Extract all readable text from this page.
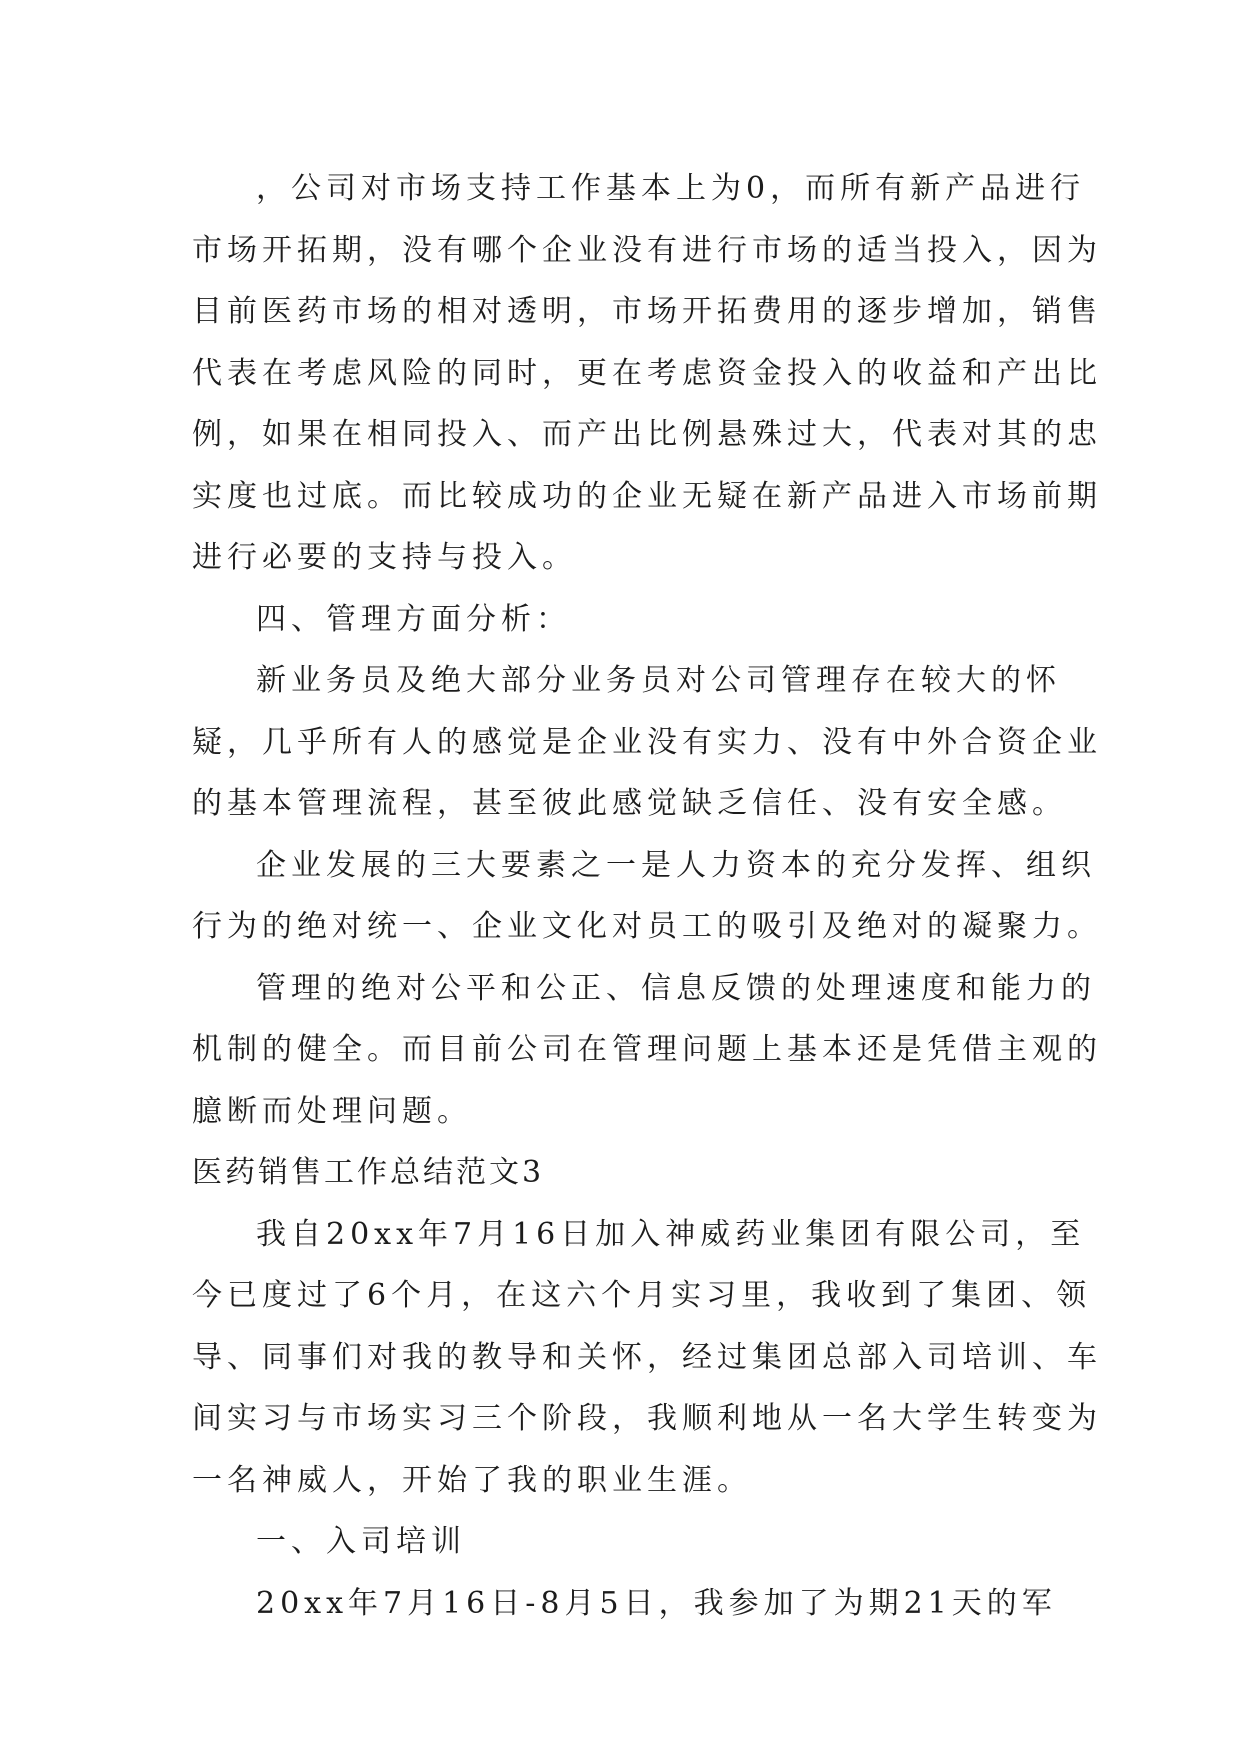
，公司对市场支持工作基本上为0，而所有新产品进行
市场开拓期，没有哪个企业没有进行市场的适当投入，因为
目前医药市场的相对透明，市场开拓费用的逐步增加，销售
代表在考虑风险的同时，更在考虑资金投入的收益和产出比
例，如果在相同投入、而产出比例悬殊过大，代表对其的忠
实度也过底。而比较成功的企业无疑在新产品进入市场前期
进行必要的支持与投入。
四、管理方面分析：
新业务员及绝大部分业务员对公司管理存在较大的怀
疑，几乎所有人的感觉是企业没有实力、没有中外合资企业
的基本管理流程，甚至彼此感觉缺乏信任、没有安全感。
企业发展的三大要素之一是人力资本的充分发挥、组织
行为的绝对统一、企业文化对员工的吸引及绝对的凝聚力。
管理的绝对公平和公正、信息反馈的处理速度和能力的
机制的健全。而目前公司在管理问题上基本还是凭借主观的
臆断而处理问题。
医药销售工作总结范文3
我自20xx年7月16日加入神威药业集团有限公司，至
今已度过了6个月，在这六个月实习里，我收到了集团、领
导、同事们对我的教导和关怀，经过集团总部入司培训、车
间实习与市场实习三个阶段，我顺利地从一名大学生转变为
一名神威人，开始了我的职业生涯。
一、入司培训
20xx年7月16日-8月5日，我参加了为期21天的军
